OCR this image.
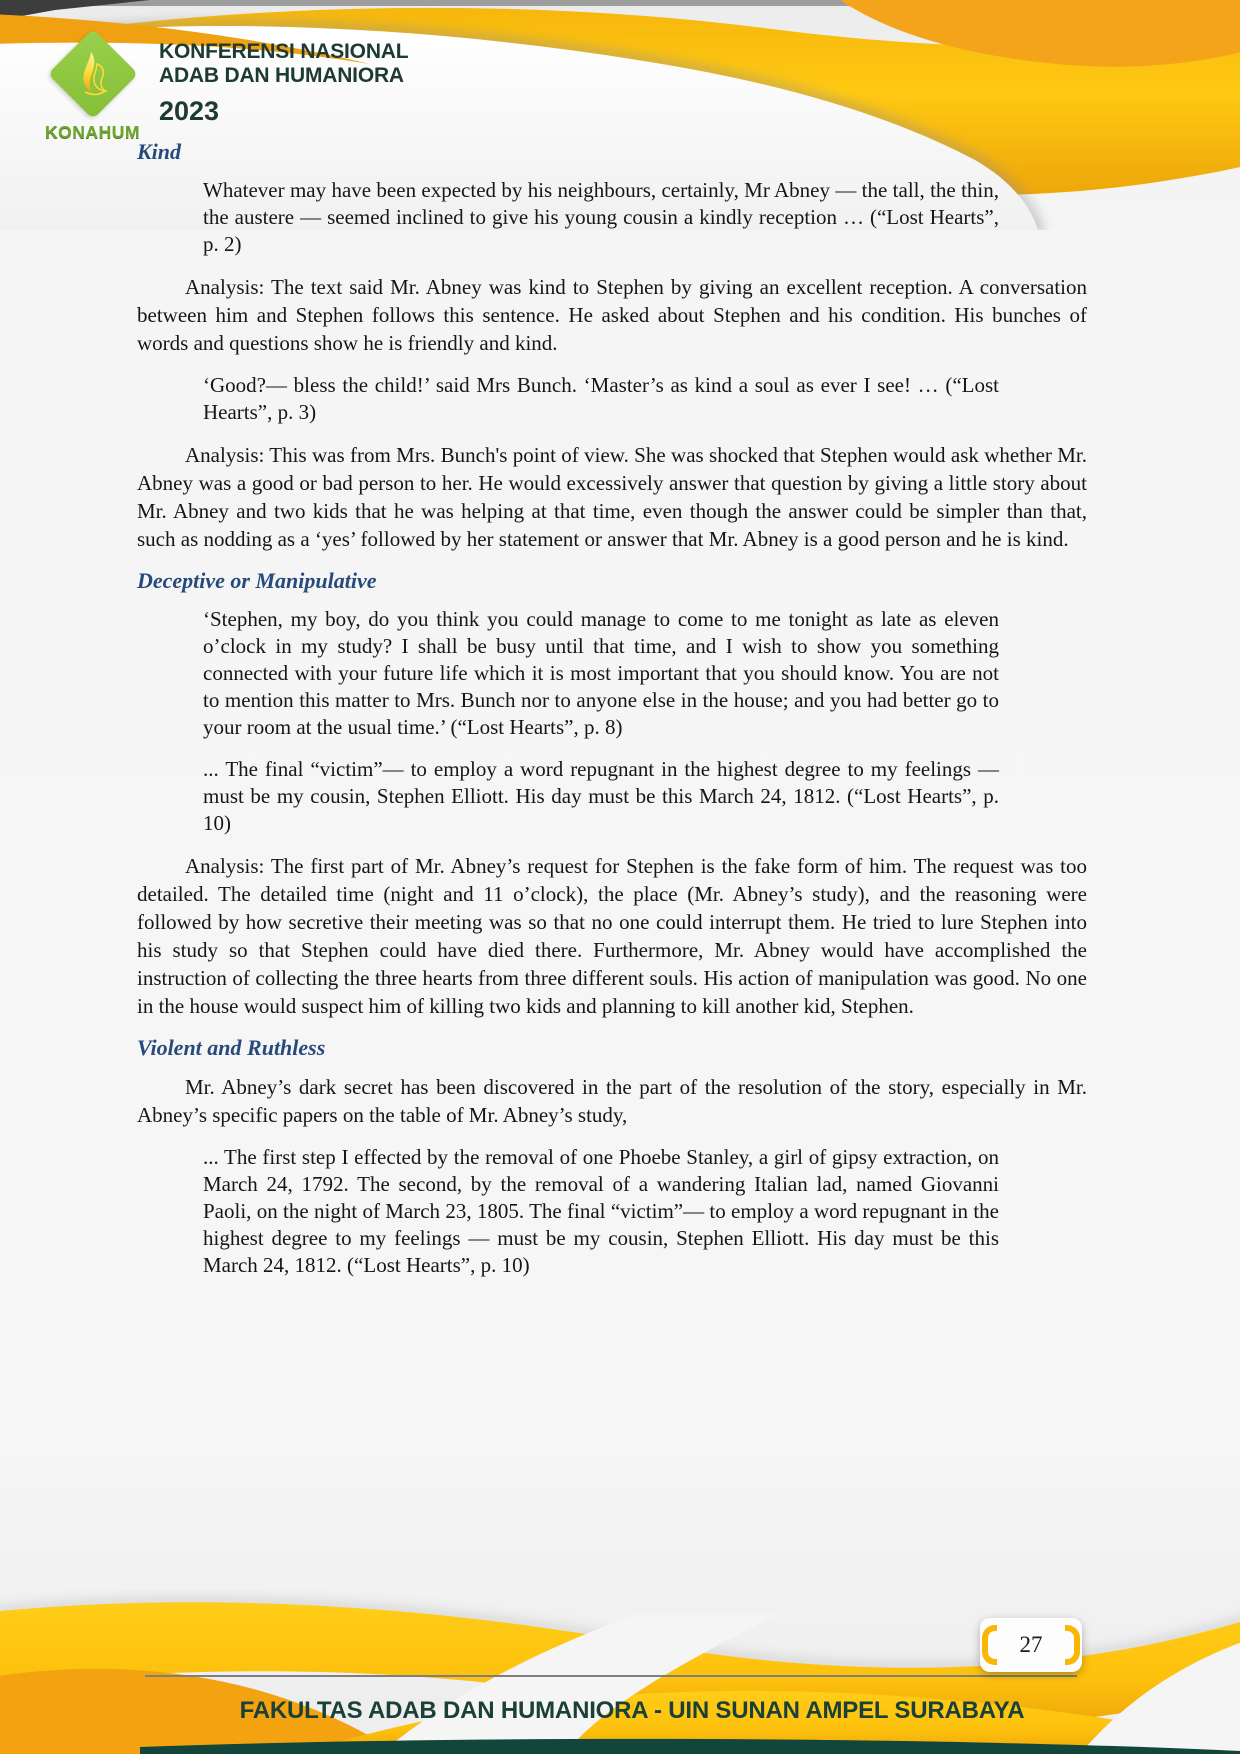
KONAHUM
KONFERENSI NASIONAL
ADAB DAN HUMANIORA
2023
Kind

Whatever may have been expected by his neighbours, certainly, Mr Abney — the tall, the thin, the austere — seemed inclined to give his young cousin a kindly reception … (“Lost Hearts”, p. 2)

Analysis: The text said Mr. Abney was kind to Stephen by giving an excellent reception. A conversation between him and Stephen follows this sentence. He asked about Stephen and his condition. His bunches of words and questions show he is friendly and kind.

‘Good?— bless the child!’ said Mrs Bunch. ‘Master’s as kind a soul as ever I see! … (“Lost Hearts”, p. 3)

Analysis: This was from Mrs. Bunch's point of view. She was shocked that Stephen would ask whether Mr. Abney was a good or bad person to her. He would excessively answer that question by giving a little story about Mr. Abney and two kids that he was helping at that time, even though the answer could be simpler than that, such as nodding as a ‘yes’ followed by her statement or answer that Mr. Abney is a good person and he is kind.

Deceptive or Manipulative

‘Stephen, my boy, do you think you could manage to come to me tonight as late as eleven o’clock in my study? I shall be busy until that time, and I wish to show you something connected with your future life which it is most important that you should know. You are not to mention this matter to Mrs. Bunch nor to anyone else in the house; and you had better go to your room at the usual time.’ (“Lost Hearts”, p. 8)

... The final “victim”— to employ a word repugnant in the highest degree to my feelings — must be my cousin, Stephen Elliott. His day must be this March 24, 1812. (“Lost Hearts”, p. 10)

Analysis: The first part of Mr. Abney’s request for Stephen is the fake form of him. The request was too detailed. The detailed time (night and 11 o’clock), the place (Mr. Abney’s study), and the reasoning were followed by how secretive their meeting was so that no one could interrupt them. He tried to lure Stephen into his study so that Stephen could have died there. Furthermore, Mr. Abney would have accomplished the instruction of collecting the three hearts from three different souls. His action of manipulation was good. No one in the house would suspect him of killing two kids and planning to kill another kid, Stephen.

Violent and Ruthless

Mr. Abney’s dark secret has been discovered in the part of the resolution of the story, especially in Mr. Abney’s specific papers on the table of Mr. Abney’s study,

... The first step I effected by the removal of one Phoebe Stanley, a girl of gipsy extraction, on March 24, 1792. The second, by the removal of a wandering Italian lad, named Giovanni Paoli, on the night of March 23, 1805. The final “victim”— to employ a word repugnant in the highest degree to my feelings — must be my cousin, Stephen Elliott. His day must be this March 24, 1812. (“Lost Hearts”, p. 10)

27
FAKULTAS ADAB DAN HUMANIORA - UIN SUNAN AMPEL SURABAYA
